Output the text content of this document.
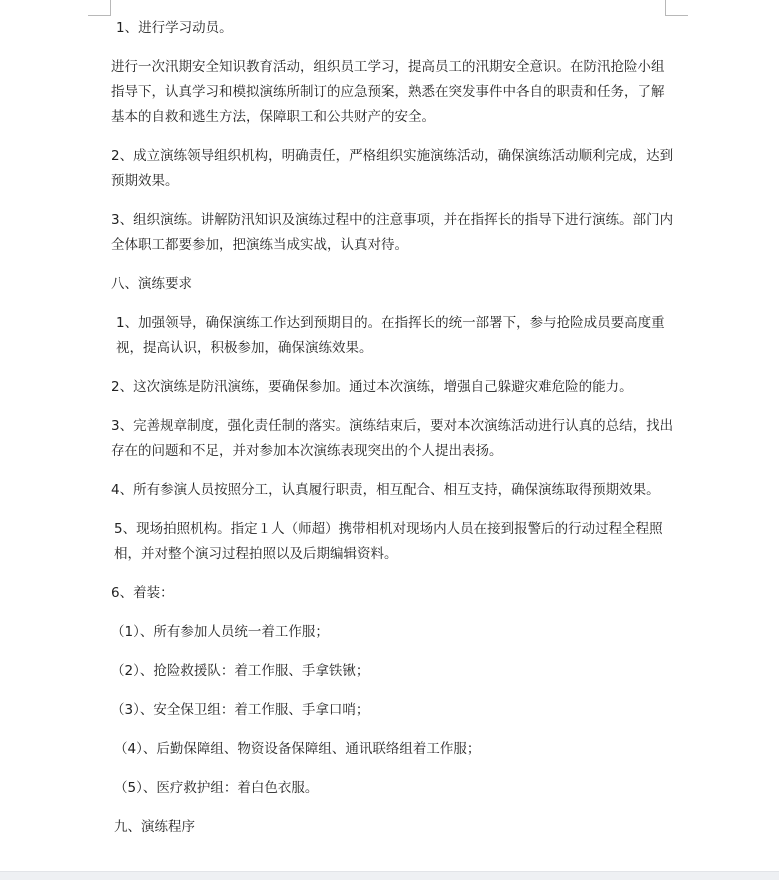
1、进行学习动员。

进行一次汛期安全知识教育活动，组织员工学习，提高员工的汛期安全意识。在防汛抢险小组指导下，认真学习和模拟演练所制订的应急预案，熟悉在突发事件中各自的职责和任务，了解基本的自救和逃生方法，保障职工和公共财产的安全。

2、成立演练领导组织机构，明确责任，严格组织实施演练活动，确保演练活动顺利完成，达到预期效果。

3、组织演练。讲解防汛知识及演练过程中的注意事项，并在指挥长的指导下进行演练。部门内全体职工都要参加，把演练当成实战，认真对待。

八、演练要求

1、加强领导，确保演练工作达到预期目的。在指挥长的统一部署下，参与抢险成员要高度重视，提高认识，积极参加，确保演练效果。

2、这次演练是防汛演练，要确保参加。通过本次演练，增强自己躲避灾难危险的能力。

3、完善规章制度，强化责任制的落实。演练结束后，要对本次演练活动进行认真的总结，找出存在的问题和不足，并对参加本次演练表现突出的个人提出表扬。

4、所有参演人员按照分工，认真履行职责，相互配合、相互支持，确保演练取得预期效果。

5、现场拍照机构。指定１人（师超）携带相机对现场内人员在接到报警后的行动过程全程照相，并对整个演习过程拍照以及后期编辑资料。

6、着装：

（1）、所有参加人员统一着工作服；

（2）、抢险救援队：着工作服、手拿铁锹；

（3）、安全保卫组：着工作服、手拿口哨；

（4）、后勤保障组、物资设备保障组、通讯联络组着工作服；

（5）、医疗救护组：着白色衣服。

九、演练程序
